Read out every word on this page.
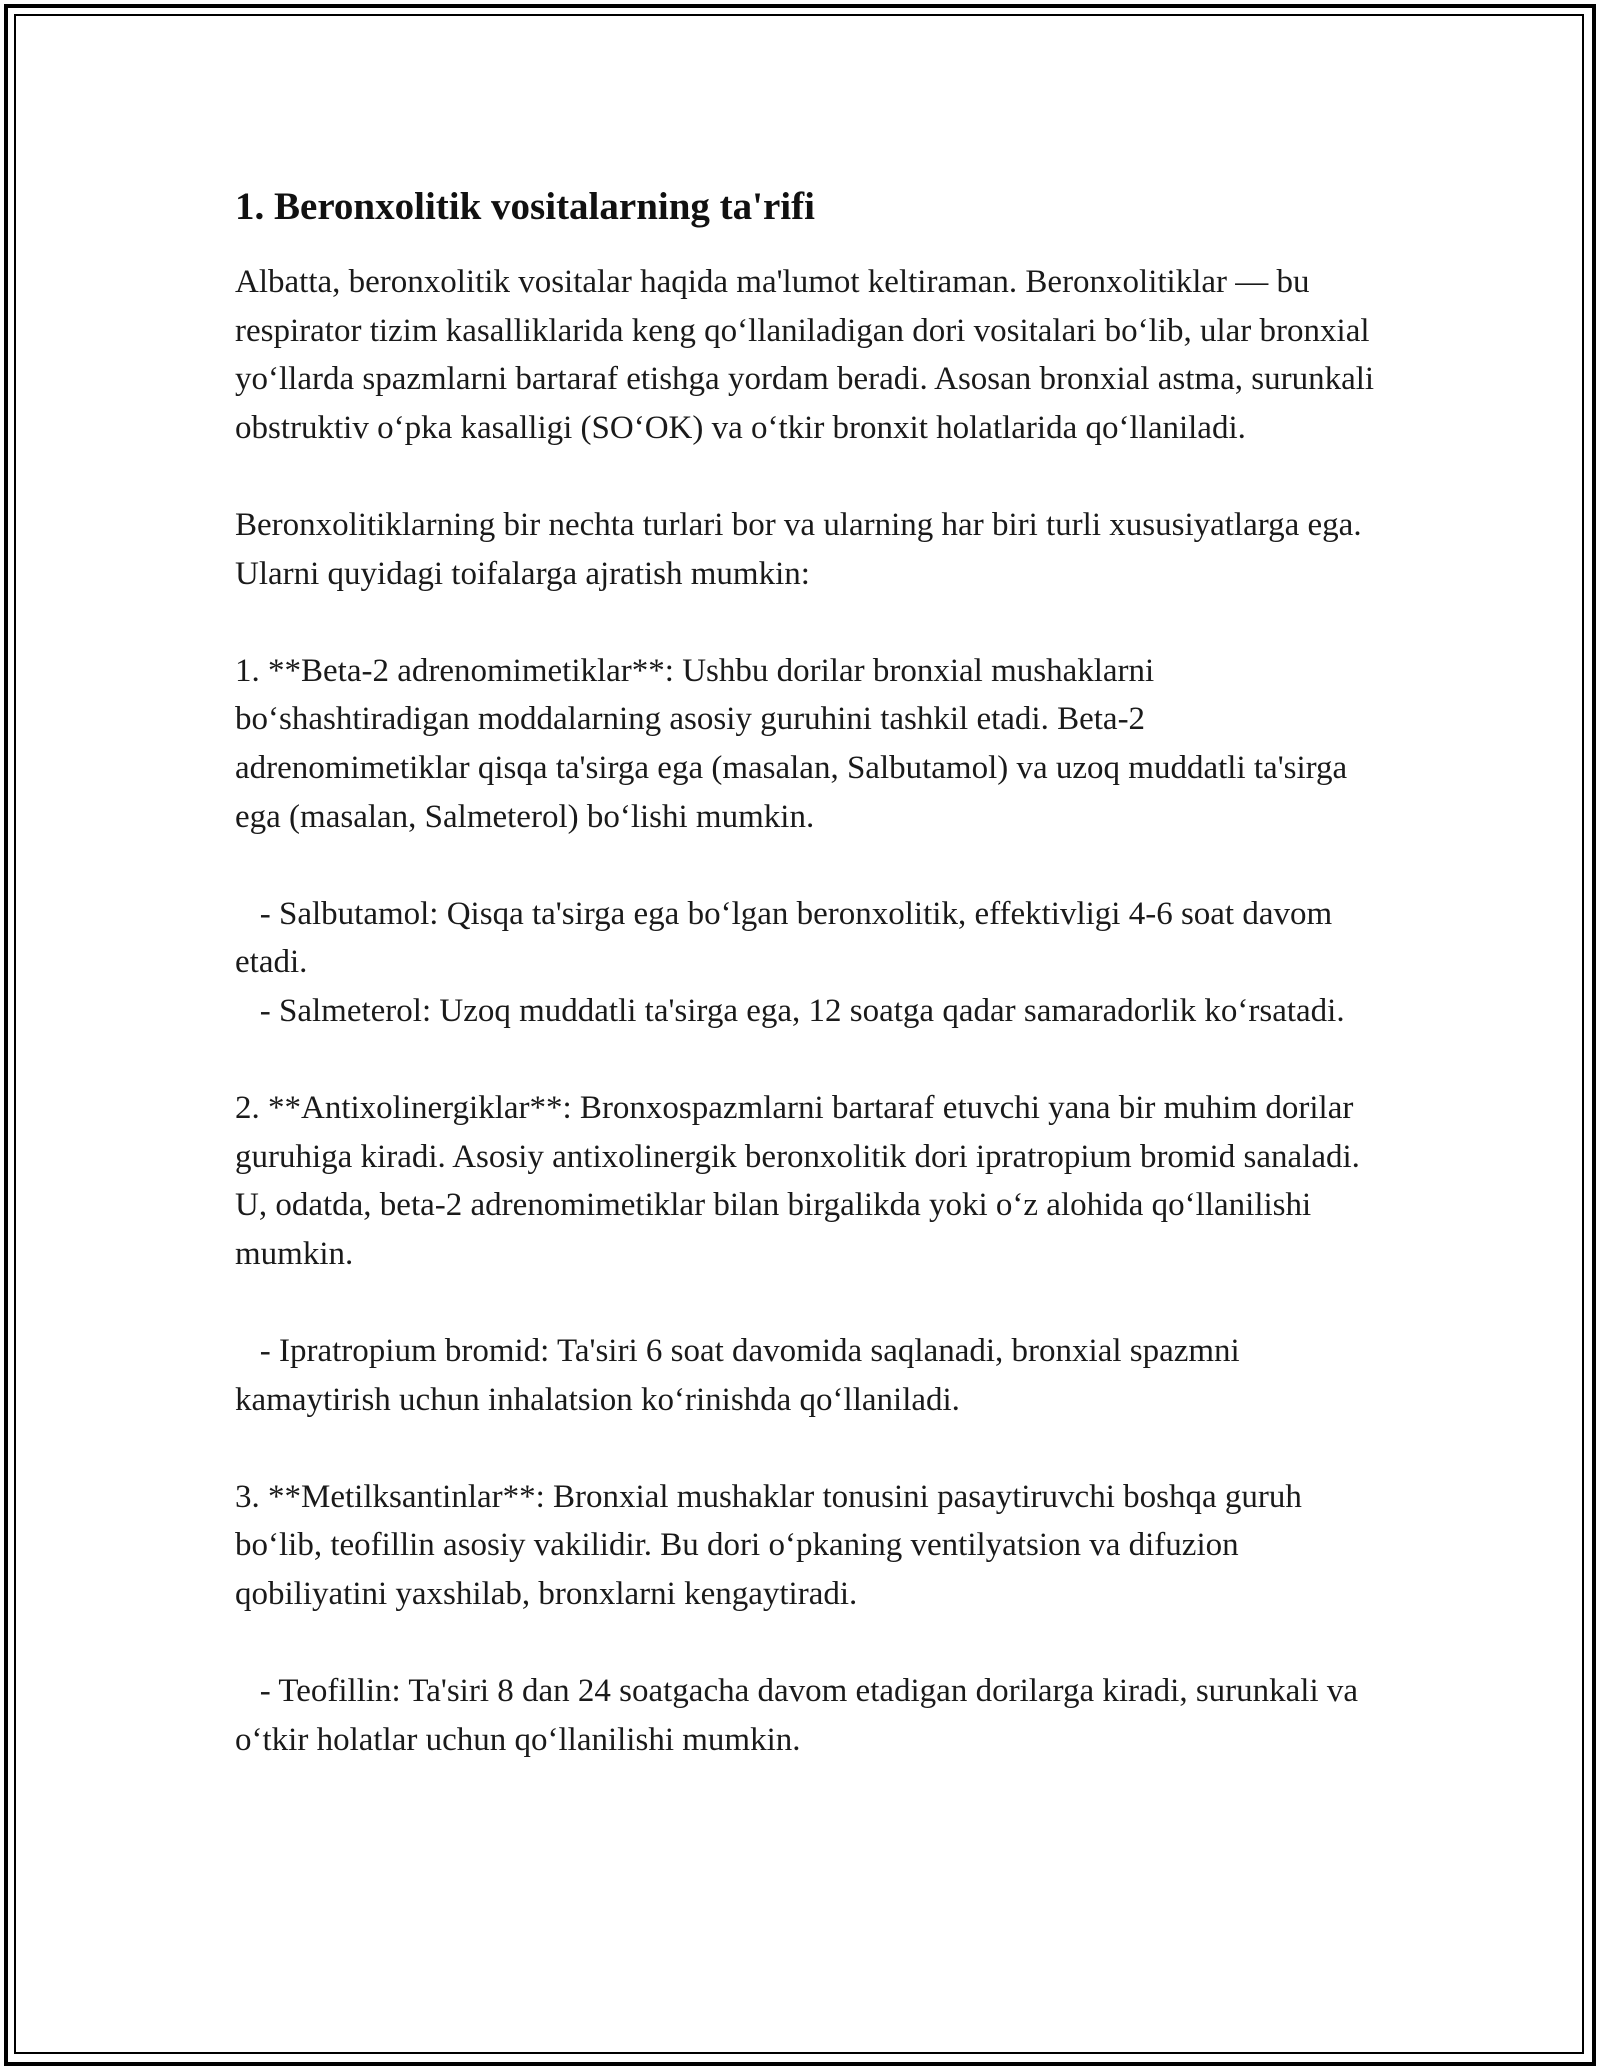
1. Beronxolitik vositalarning ta'rifi

Albatta, beronxolitik vositalar haqida ma'lumot keltiraman. Beronxolitiklar — bu respirator tizim kasalliklarida keng qo‘llaniladigan dori vositalari bo‘lib, ular bronxial yo‘llarda spazmlarni bartaraf etishga yordam beradi. Asosan bronxial astma, surunkali obstruktiv o‘pka kasalligi (SO‘OK) va o‘tkir bronxit holatlarida qo‘llaniladi.

Beronxolitiklarning bir nechta turlari bor va ularning har biri turli xususiyatlarga ega. Ularni quyidagi toifalarga ajratish mumkin:

1. **Beta-2 adrenomimetiklar**: Ushbu dorilar bronxial mushaklarni bo‘shashtiradigan moddalarning asosiy guruhini tashkil etadi. Beta-2 adrenomimetiklar qisqa ta'sirga ega (masalan, Salbutamol) va uzoq muddatli ta'sirga ega (masalan, Salmeterol) bo‘lishi mumkin.

- Salbutamol: Qisqa ta'sirga ega bo‘lgan beronxolitik, effektivligi 4-6 soat davom etadi.
- Salmeterol: Uzoq muddatli ta'sirga ega, 12 soatga qadar samaradorlik ko‘rsatadi.

2. **Antixolinergiklar**: Bronxospazmlarni bartaraf etuvchi yana bir muhim dorilar guruhiga kiradi. Asosiy antixolinergik beronxolitik dori ipratropium bromid sanaladi. U, odatda, beta-2 adrenomimetiklar bilan birgalikda yoki o‘z alohida qo‘llanilishi mumkin.

- Ipratropium bromid: Ta'siri 6 soat davomida saqlanadi, bronxial spazmni kamaytirish uchun inhalatsion ko‘rinishda qo‘llaniladi.

3. **Metilksantinlar**: Bronxial mushaklar tonusini pasaytiruvchi boshqa guruh bo‘lib, teofillin asosiy vakilidir. Bu dori o‘pkaning ventilyatsion va difuzion qobiliyatini yaxshilab, bronxlarni kengaytiradi.

- Teofillin: Ta'siri 8 dan 24 soatgacha davom etadigan dorilarga kiradi, surunkali va o‘tkir holatlar uchun qo‘llanilishi mumkin.
